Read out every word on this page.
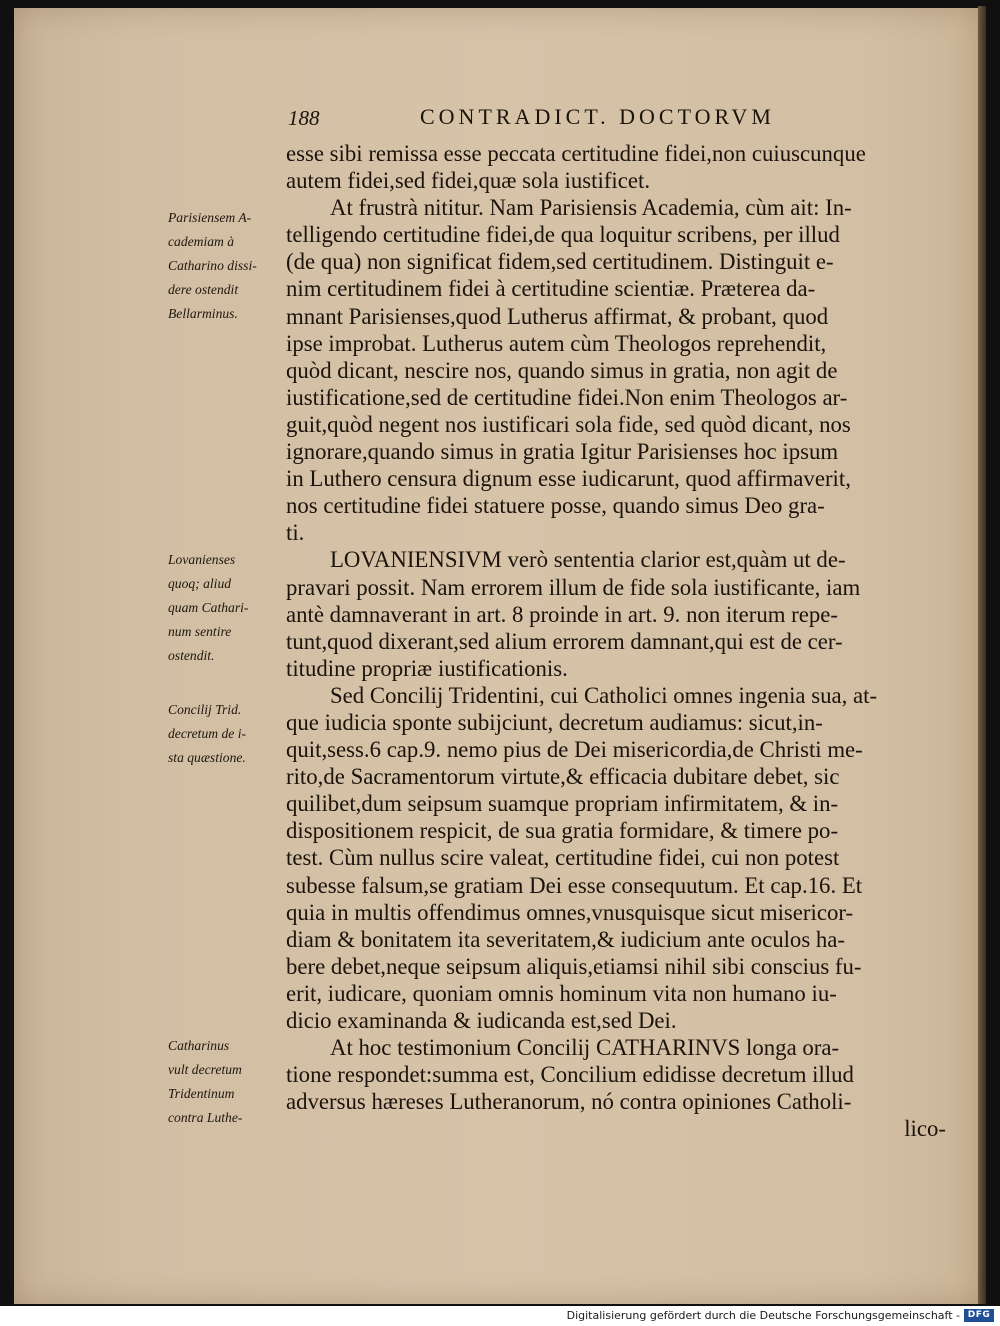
188	CONTRADICT. DOCTORVM
esse sibi remissa esse peccata certitudine fidei,non cuiuscunque
autem fidei,sed fidei,quæ sola iustificet.
At frustrà nititur. Nam Parisiensis Academia, cùm ait: In-
telligendo certitudine fidei,de qua loquitur scribens, per illud
(de qua) non significat fidem,sed certitudinem. Distinguit e-
nim certitudinem fidei à certitudine scientiæ. Præterea da-
mnant Parisienses,quod Lutherus affirmat, & probant, quod
ipse improbat. Lutherus autem cùm Theologos reprehendit,
quòd dicant, nescire nos, quando simus in gratia, non agit de
iustificatione,sed de certitudine fidei.Non enim Theologos ar-
guit,quòd negent nos iustificari sola fide, sed quòd dicant, nos
ignorare,quando simus in gratia Igitur Parisienses hoc ipsum
in Luthero censura dignum esse iudicarunt, quod affirmaverit,
nos certitudine fidei statuere posse, quando simus Deo gra-
ti.
LOVANIENSIVM verò sententia clarior est,quàm ut de-
pravari possit. Nam errorem illum de fide sola iustificante, iam
antè damnaverant in art. 8 proinde in art. 9. non iterum repe-
tunt,quod dixerant,sed alium errorem damnant,qui est de cer-
titudine propriæ iustificationis.
Sed Concilij Tridentini, cui Catholici omnes ingenia sua, at-
que iudicia sponte subijciunt, decretum audiamus: sicut,in-
quit,sess.6 cap.9. nemo pius de Dei misericordia,de Christi me-
rito,de Sacramentorum virtute,& efficacia dubitare debet, sic
quilibet,dum seipsum suamque propriam infirmitatem, & in-
dispositionem respicit, de sua gratia formidare, & timere po-
test. Cùm nullus scire valeat, certitudine fidei, cui non potest
subesse falsum,se gratiam Dei esse consequutum. Et cap.16. Et
quia in multis offendimus omnes,vnusquisque sicut misericor-
diam & bonitatem ita severitatem,& iudicium ante oculos ha-
bere debet,neque seipsum aliquis,etiamsi nihil sibi conscius fu-
erit, iudicare, quoniam omnis hominum vita non humano iu-
dicio examinanda & iudicanda est,sed Dei.
At hoc testimonium Concilij CATHARINVS longa ora-
tione respondet:summa est, Concilium edidisse decretum illud
adversus hæreses Lutheranorum, nó contra opiniones Catholi-
lico-
Parisiensem A-
cademiam à
Catharino dissi-
dere ostendit
Bellarminus.
Lovanienses
quoq; aliud
quam Cathari-
num sentire
ostendit.
Concilij Trid.
decretum de i-
sta quæstione.
Catharinus
vult decretum
Tridentinum
contra Luthe-
Digitalisierung gefördert durch die Deutsche Forschungsgemeinschaft - DFG
